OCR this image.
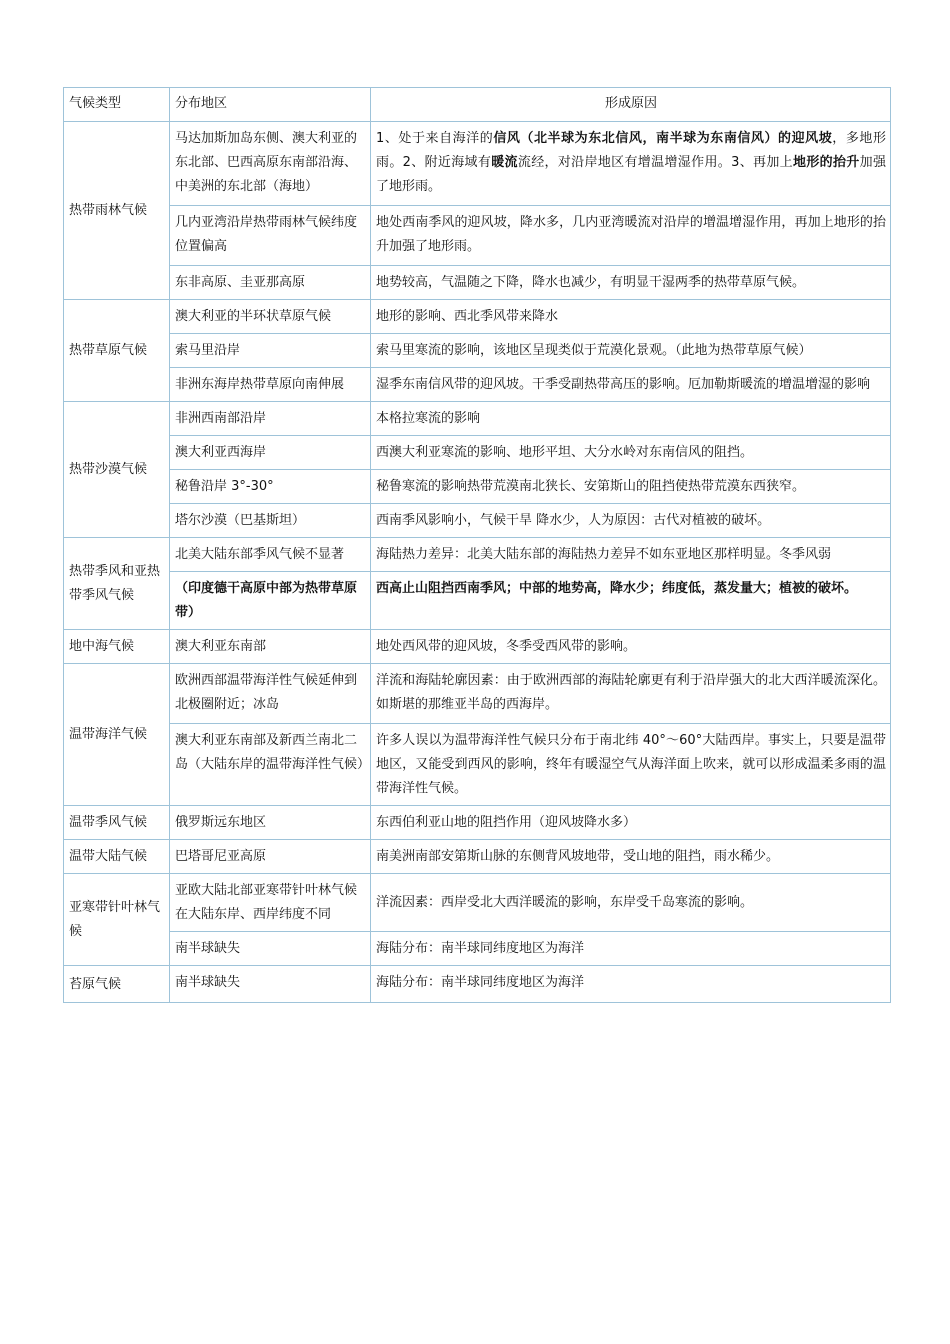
气候类型	分布地区	形成原因
热带雨林气候	马达加斯加岛东侧、澳大利亚的东北部、巴西高原东南部沿海、中美洲的东北部（海地）	1、处于来自海洋的信风（北半球为东北信风，南半球为东南信风）的迎风坡，多地形雨。2、附近海域有暖流流经，对沿岸地区有增温增湿作用。3、再加上地形的抬升加强了地形雨。
	几内亚湾沿岸热带雨林气候纬度位置偏高	地处西南季风的迎风坡，降水多，几内亚湾暖流对沿岸的增温增湿作用，再加上地形的抬升加强了地形雨。
	东非高原、圭亚那高原	地势较高，气温随之下降，降水也减少，有明显干湿两季的热带草原气候。
热带草原气候	澳大利亚的半环状草原气候	地形的影响、西北季风带来降水
	索马里沿岸	索马里寒流的影响，该地区呈现类似于荒漠化景观。（此地为热带草原气候）
	非洲东海岸热带草原向南伸展	湿季东南信风带的迎风坡。干季受副热带高压的影响。厄加勒斯暖流的增温增湿的影响
热带沙漠气候	非洲西南部沿岸	本格拉寒流的影响
	澳大利亚西海岸	西澳大利亚寒流的影响、地形平坦、大分水岭对东南信风的阻挡。
	秘鲁沿岸 3°-30°	秘鲁寒流的影响热带荒漠南北狭长、安第斯山的阻挡使热带荒漠东西狭窄。
	塔尔沙漠（巴基斯坦）	西南季风影响小，气候干旱 降水少，人为原因：古代对植被的破坏。
热带季风和亚热带季风气候	北美大陆东部季风气候不显著	海陆热力差异：北美大陆东部的海陆热力差异不如东亚地区那样明显。冬季风弱
	（印度德干高原中部为热带草原带）	西高止山阻挡西南季风；中部的地势高，降水少；纬度低，蒸发量大；植被的破坏。
地中海气候	澳大利亚东南部	地处西风带的迎风坡，冬季受西风带的影响。
温带海洋气候	欧洲西部温带海洋性气候延伸到北极圈附近；冰岛	洋流和海陆轮廓因素：由于欧洲西部的海陆轮廓更有利于沿岸强大的北大西洋暖流深化。如斯堪的那维亚半岛的西海岸。
	澳大利亚东南部及新西兰南北二岛（大陆东岸的温带海洋性气候）	许多人误以为温带海洋性气候只分布于南北纬 40°～60°大陆西岸。事实上，只要是温带地区，又能受到西风的影响，终年有暖湿空气从海洋面上吹来，就可以形成温柔多雨的温带海洋性气候。
温带季风气候	俄罗斯远东地区	东西伯利亚山地的阻挡作用（迎风坡降水多）
温带大陆气候	巴塔哥尼亚高原	南美洲南部安第斯山脉的东侧背风坡地带，受山地的阻挡，雨水稀少。
亚寒带针叶林气候	亚欧大陆北部亚寒带针叶林气候在大陆东岸、西岸纬度不同	洋流因素：西岸受北大西洋暖流的影响，东岸受千岛寒流的影响。
	南半球缺失	海陆分布：南半球同纬度地区为海洋
苔原气候	南半球缺失	海陆分布：南半球同纬度地区为海洋
